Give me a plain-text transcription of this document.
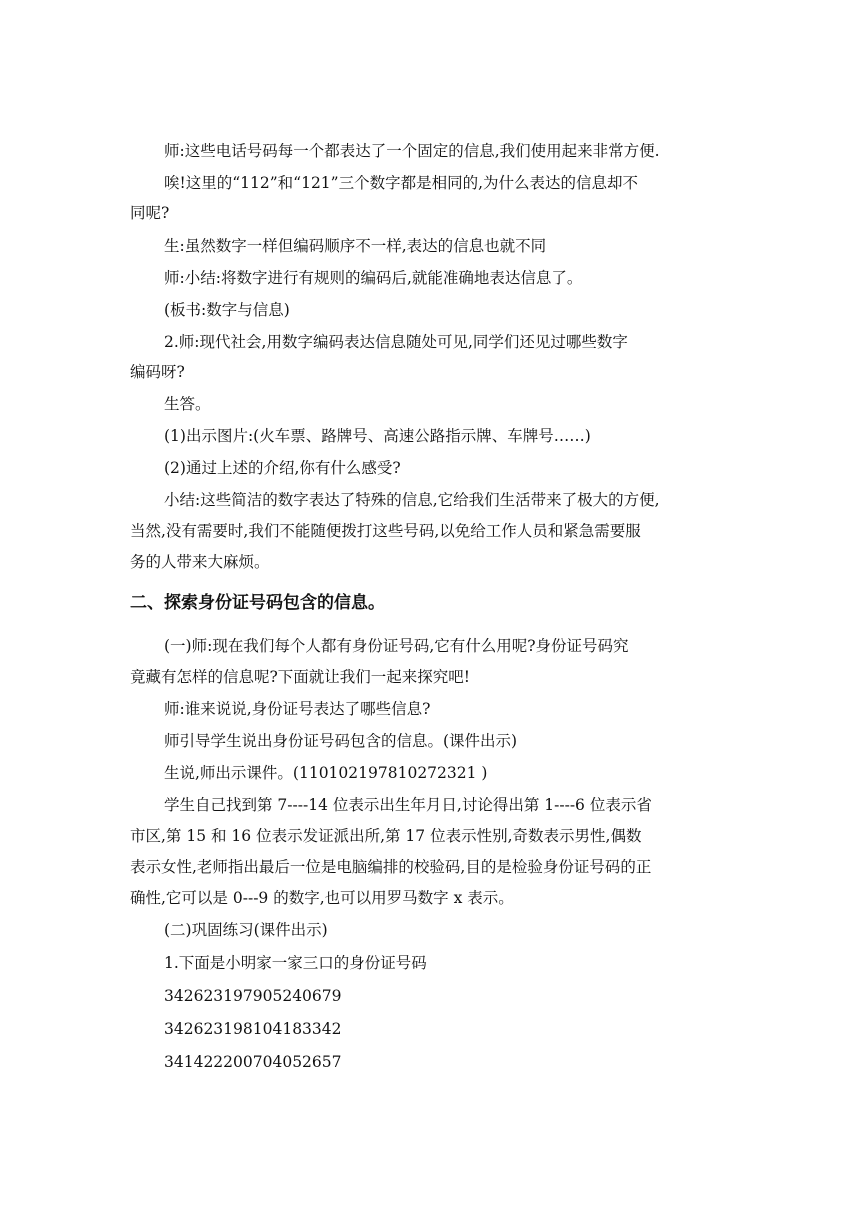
师:这些电话号码每一个都表达了一个固定的信息,我们使用起来非常方便.
唉!这里的“112”和“121”三个数字都是相同的,为什么表达的信息却不
同呢?
生:虽然数字一样但编码顺序不一样,表达的信息也就不同
师:小结:将数字进行有规则的编码后,就能准确地表达信息了。
(板书:数字与信息)
2.师:现代社会,用数字编码表达信息随处可见,同学们还见过哪些数字
编码呀?
生答。
(1)出示图片:(火车票、路牌号、高速公路指示牌、车牌号……)
(2)通过上述的介绍,你有什么感受?
小结:这些简洁的数字表达了特殊的信息,它给我们生活带来了极大的方便,
当然,没有需要时,我们不能随便拨打这些号码,以免给工作人员和紧急需要服
务的人带来大麻烦。
二、探索身份证号码包含的信息。
(一)师:现在我们每个人都有身份证号码,它有什么用呢?身份证号码究
竟藏有怎样的信息呢?下面就让我们一起来探究吧!
师:谁来说说,身份证号表达了哪些信息?
师引导学生说出身份证号码包含的信息。(课件出示)
生说,师出示课件。(110102197810272321 )
学生自己找到第 7----14 位表示出生年月日,讨论得出第 1----6 位表示省
市区,第 15 和 16 位表示发证派出所,第 17 位表示性别,奇数表示男性,偶数
表示女性,老师指出最后一位是电脑编排的校验码,目的是检验身份证号码的正
确性,它可以是 0---9 的数字,也可以用罗马数字 x 表示。
(二)巩固练习(课件出示)
1.下面是小明家一家三口的身份证号码
342623197905240679
342623198104183342
341422200704052657
